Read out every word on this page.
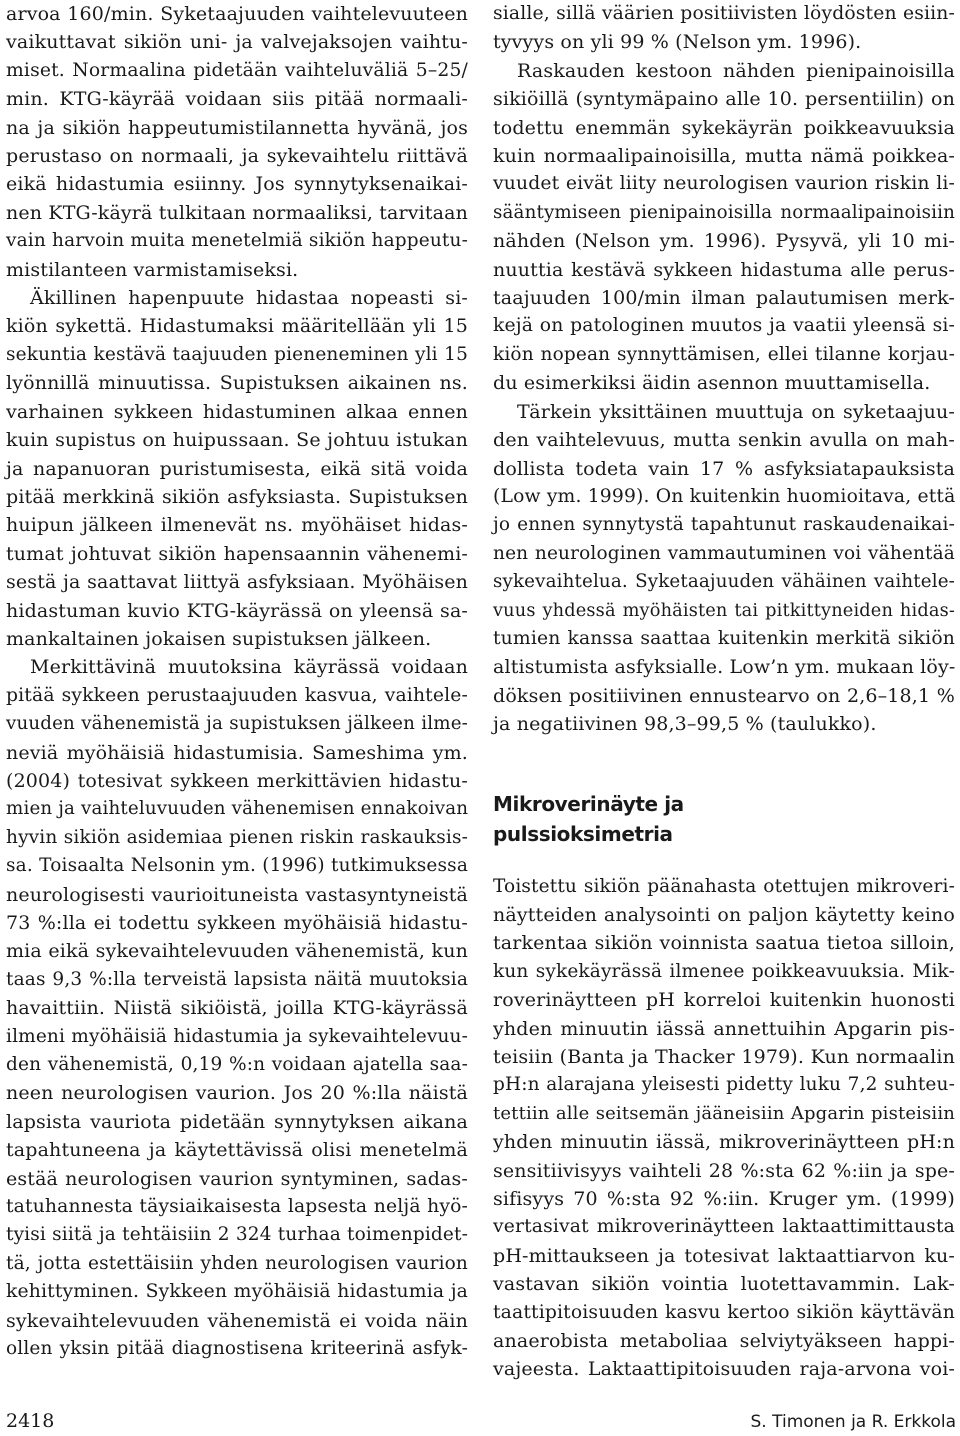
arvoa 160/min. Syketaajuuden vaihtelevuuteen
vaikuttavat sikiön uni- ja valvejaksojen vaihtu-
miset. Normaalina pidetään vaihteluväliä 5–25/
min. KTG-käyrää voidaan siis pitää normaali-
na ja sikiön happeutumistilannetta hyvänä, jos
perustaso on normaali, ja sykevaihtelu riittävä
eikä hidastumia esiinny. Jos synnytyksenaikai-
nen KTG-käyrä tulkitaan normaaliksi, tarvitaan
vain harvoin muita menetelmiä sikiön happeutu-
mistilanteen varmistamiseksi.

Äkillinen hapenpuute hidastaa nopeasti si-
kiön sykettä. Hidastumaksi määritellään yli 15
sekuntia kestävä taajuuden pieneneminen yli 15
lyönnillä minuutissa. Supistuksen aikainen ns.
varhainen sykkeen hidastuminen alkaa ennen
kuin supistus on huipussaan. Se johtuu istukan
ja napanuoran puristumisesta, eikä sitä voida
pitää merkkinä sikiön asfyksiasta. Supistuksen
huipun jälkeen ilmenevät ns. myöhäiset hidas-
tumat johtuvat sikiön hapensaannin vähenemi-
sestä ja saattavat liittyä asfyksiaan. Myöhäisen
hidastuman kuvio KTG-käyrässä on yleensä sa-
mankaltainen jokaisen supistuksen jälkeen.

Merkittävinä muutoksina käyrässä voidaan
pitää sykkeen perustaajuuden kasvua, vaihtele-
vuuden vähenemistä ja supistuksen jälkeen ilme-
neviä myöhäisiä hidastumisia. Sameshima ym.
(2004) totesivat sykkeen merkittävien hidastu-
mien ja vaihteluvuuden vähenemisen ennakoivan
hyvin sikiön asidemiaa pienen riskin raskauksis-
sa. Toisaalta Nelsonin ym. (1996) tutkimuksessa
neurologisesti vaurioituneista vastasyntyneistä
73 %:lla ei todettu sykkeen myöhäisiä hidastu-
mia eikä sykevaihtelevuuden vähenemistä, kun
taas 9,3 %:lla terveistä lapsista näitä muutoksia
havaittiin. Niistä sikiöistä, joilla KTG-käyrässä
ilmeni myöhäisiä hidastumia ja sykevaihtelevuu-
den vähenemistä, 0,19 %:n voidaan ajatella saa-
neen neurologisen vaurion. Jos 20 %:lla näistä
lapsista vauriota pidetään synnytyksen aikana
tapahtuneena ja käytettävissä olisi menetelmä
estää neurologisen vaurion syntyminen, sadas-
tatuhannesta täysiaikaisesta lapsesta neljä hyö-
tyisi siitä ja tehtäisiin 2 324 turhaa toimenpidet-
tä, jotta estettäisiin yhden neurologisen vaurion
kehittyminen. Sykkeen myöhäisiä hidastumia ja
sykevaihtelevuuden vähenemistä ei voida näin
ollen yksin pitää diagnostisena kriteerinä asfyk-

sialle, sillä väärien positiivisten löydösten esiin-
tyvyys on yli 99 % (Nelson ym. 1996).

Raskauden kestoon nähden pienipainoisilla
sikiöillä (syntymäpaino alle 10. persentiilin) on
todettu enemmän sykekäyrän poikkeavuuksia
kuin normaalipainoisilla, mutta nämä poikkea-
vuudet eivät liity neurologisen vaurion riskin li-
sääntymiseen pienipainoisilla normaalipainoisiin
nähden (Nelson ym. 1996). Pysyvä, yli 10 mi-
nuuttia kestävä sykkeen hidastuma alle perus-
taajuuden 100/min ilman palautumisen merk-
kejä on patologinen muutos ja vaatii yleensä si-
kiön nopean synnyttämisen, ellei tilanne korjau-
du esimerkiksi äidin asennon muuttamisella.

Tärkein yksittäinen muuttuja on syketaajuu-
den vaihtelevuus, mutta senkin avulla on mah-
dollista todeta vain 17 % asfyksiatapauksista
(Low ym. 1999). On kuitenkin huomioitava, että
jo ennen synnytystä tapahtunut raskaudenaikai-
nen neurologinen vammautuminen voi vähentää
sykevaihtelua. Syketaajuuden vähäinen vaihtele-
vuus yhdessä myöhäisten tai pitkittyneiden hidas-
tumien kanssa saattaa kuitenkin merkitä sikiön
altistumista asfyksialle. Low’n ym. mukaan löy-
döksen positiivinen ennustearvo on 2,6–18,1 %
ja negatiivinen 98,3–99,5 % (taulukko).

Mikroverinäyte ja
pulssioksimetria

Toistettu sikiön päänahasta otettujen mikroveri-
näytteiden analysointi on paljon käytetty keino
tarkentaa sikiön voinnista saatua tietoa silloin,
kun sykekäyrässä ilmenee poikkeavuuksia. Mik-
roverinäytteen pH korreloi kuitenkin huonosti
yhden minuutin iässä annettuihin Apgarin pis-
teisiin (Banta ja Thacker 1979). Kun normaalin
pH:n alarajana yleisesti pidetty luku 7,2 suhteu-
tettiin alle seitsemän jääneisiin Apgarin pisteisiin
yhden minuutin iässä, mikroverinäytteen pH:n
sensitiivisyys vaihteli 28 %:sta 62 %:iin ja spe-
sifisyys 70 %:sta 92 %:iin. Kruger ym. (1999)
vertasivat mikroverinäytteen laktaattimittausta
pH-mittaukseen ja totesivat laktaattiarvon ku-
vastavan sikiön vointia luotettavammin. Lak-
taattipitoisuuden kasvu kertoo sikiön käyttävän
anaerobista metaboliaa selviytyäkseen happi-
vajeesta. Laktaattipitoisuuden raja-arvona voi-

2418	S. Timonen ja R. Erkkola
